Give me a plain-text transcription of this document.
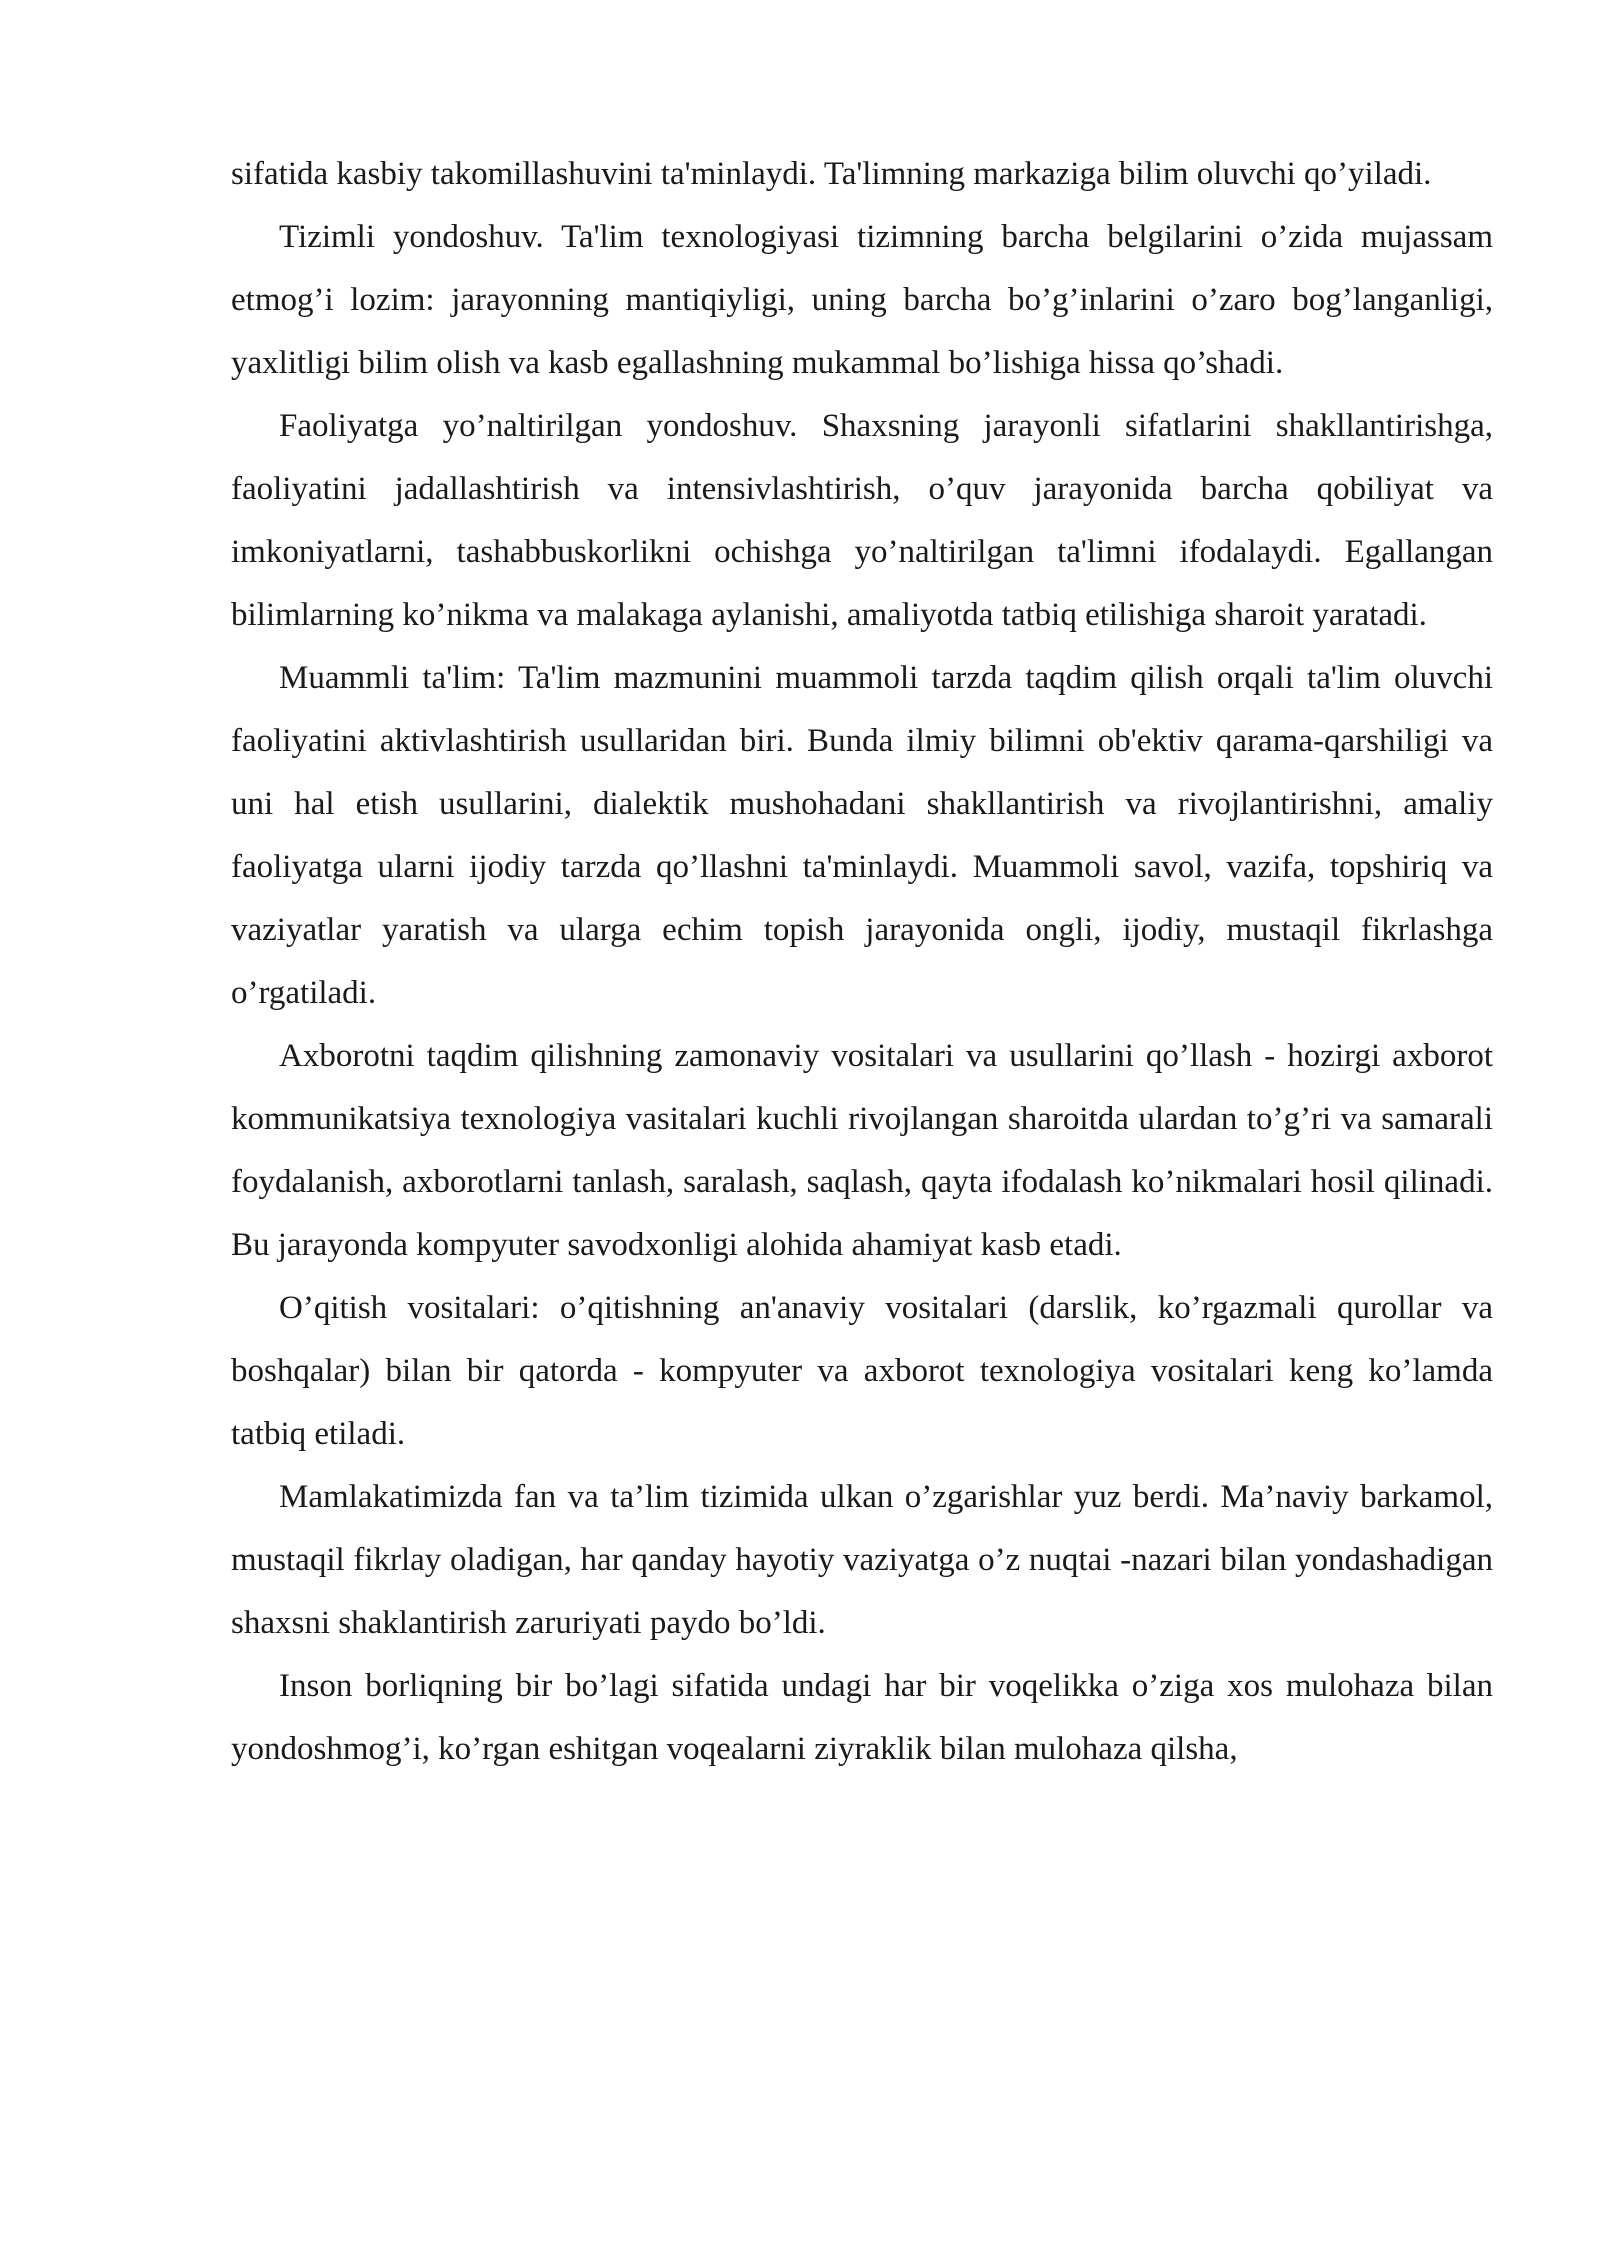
sifatida kasbiy takomillashuvini ta'minlaydi. Ta'limning markaziga bilim oluvchi qo’yiladi.

Tizimli yondoshuv. Ta'lim texnologiyasi tizimning barcha belgilarini o’zida mujassam etmog’i lozim: jarayonning mantiqiyligi, uning barcha bo’g’inlarini o’zaro bog’langanligi, yaxlitligi bilim olish va kasb egallashning mukammal bo’lishiga hissa qo’shadi.

Faoliyatga yo’naltirilgan yondoshuv. Shaxsning jarayonli sifatlarini shakllantirishga, faoliyatini jadallashtirish va intensivlashtirish, o’quv jarayonida barcha qobiliyat va imkoniyatlarni, tashabbuskorlikni ochishga yo’naltirilgan ta'limni ifodalaydi. Egallangan bilimlarning ko’nikma va malakaga aylanishi, amaliyotda tatbiq etilishiga sharoit yaratadi.

Muammli ta'lim: Ta'lim mazmunini muammoli tarzda taqdim qilish orqali ta'lim oluvchi faoliyatini aktivlashtirish usullaridan biri. Bunda ilmiy bilimni ob'ektiv qarama-qarshiligi va uni hal etish usullarini, dialektik mushohadani shakllantirish va rivojlantirishni, amaliy faoliyatga ularni ijodiy tarzda qo’llashni ta'minlaydi. Muammoli savol, vazifa, topshiriq va vaziyatlar yaratish va ularga echim topish jarayonida ongli, ijodiy, mustaqil fikrlashga o’rgatiladi.

Axborotni taqdim qilishning zamonaviy vositalari va usullarini qo’llash - hozirgi axborot kommunikatsiya texnologiya vasitalari kuchli rivojlangan sharoitda ulardan to’g’ri va samarali foydalanish, axborotlarni tanlash, saralash, saqlash, qayta ifodalash ko’nikmalari hosil qilinadi. Bu jarayonda kompyuter savodxonligi alohida ahamiyat kasb etadi.

O’qitish vositalari: o’qitishning an'anaviy vositalari (darslik, ko’rgazmali qurollar va boshqalar) bilan bir qatorda - kompyuter va axborot texnologiya vositalari keng ko’lamda tatbiq etiladi.

Mamlakatimizda fan va ta’lim tizimida ulkan o’zgarishlar yuz berdi. Ma’naviy barkamol, mustaqil fikrlay oladigan, har qanday hayotiy vaziyatga o’z nuqtai -nazari bilan yondashadigan shaxsni shaklantirish zaruriyati paydo bo’ldi.

Inson borliqning bir bo’lagi sifatida undagi har bir voqelikka o’ziga xos mulohaza bilan yondoshmog’i, ko’rgan eshitgan voqealarni ziyraklik bilan mulohaza qilsha,
